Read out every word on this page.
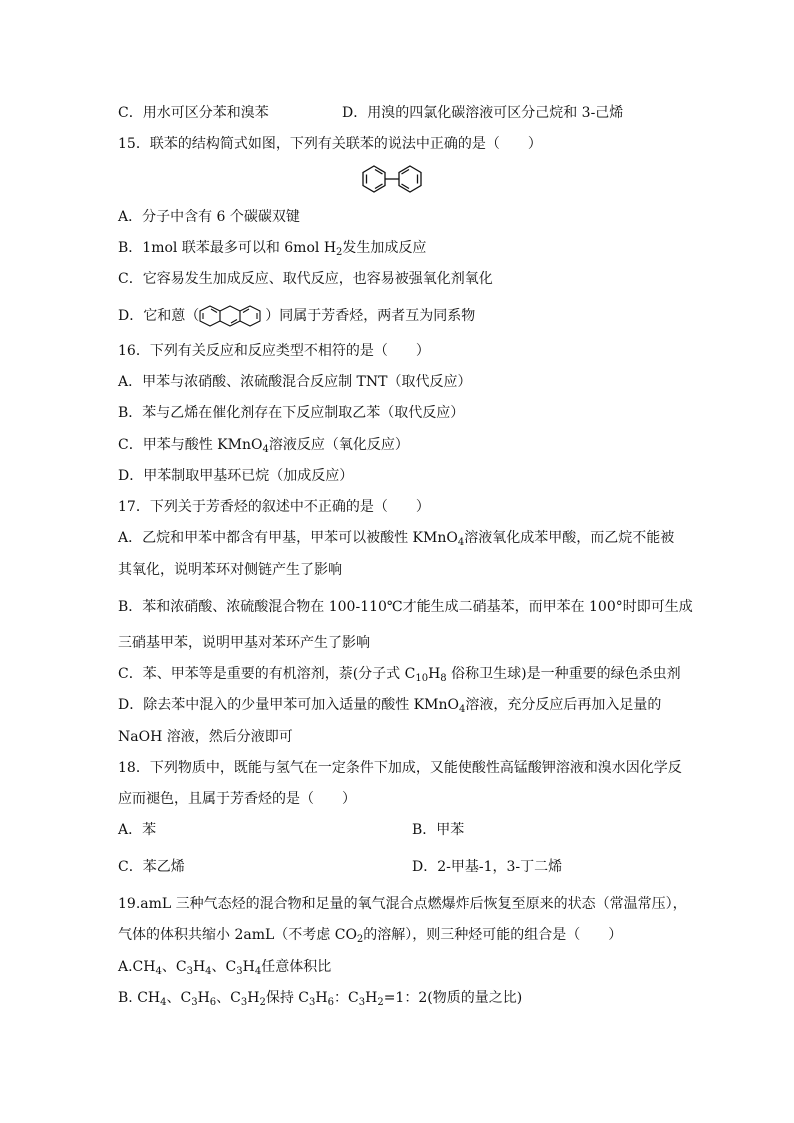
C．用水可区分苯和溴苯	D．用溴的四氯化碳溶液可区分己烷和 3-己烯
15．联苯的结构简式如图，下列有关联苯的说法中正确的是（　　）
A．分子中含有 6 个碳碳双键
B．1mol 联苯最多可以和 6mol $H_2$发生加成反应
C．它容易发生加成反应、取代反应，也容易被强氧化剂氧化
D．它和蒽（	）同属于芳香烃，两者互为同系物
16．下列有关反应和反应类型不相符的是（　　）
A．甲苯与浓硝酸、浓硫酸混合反应制 TNT（取代反应）
B．苯与乙烯在催化剂存在下反应制取乙苯（取代反应）
C．甲苯与酸性 KMnO$_4$溶液反应（氧化反应）
D．甲苯制取甲基环已烷（加成反应）
17．下列关于芳香烃的叙述中不正确的是（　　）
A．乙烷和甲苯中都含有甲基，甲苯可以被酸性 KMnO$_4$溶液氧化成苯甲酸，而乙烷不能被
其氧化，说明苯环对侧链产生了影响
B．苯和浓硝酸、浓硫酸混合物在 100-110℃才能生成二硝基苯，而甲苯在 100°时即可生成
三硝基甲苯，说明甲基对苯环产生了影响
C．苯、甲苯等是重要的有机溶剂，萘(分子式 $C_{10}H_8$ 俗称卫生球)是一种重要的绿色杀虫剂
D．除去苯中混入的少量甲苯可加入适量的酸性 KMnO$_4$溶液，充分反应后再加入足量的
NaOH 溶液，然后分液即可
18．下列物质中，既能与氢气在一定条件下加成，又能使酸性高锰酸钾溶液和溴水因化学反
应而褪色，且属于芳香烃的是（　　）
A．苯	B．甲苯
C．苯乙烯	D．2-甲基-1，3-丁二烯
19.amL 三种气态烃的混合物和足量的氧气混合点燃爆炸后恢复至原来的状态（常温常压），
气体的体积共缩小 2amL（不考虑 $CO_2$的溶解），则三种烃可能的组合是（　　）
$A.CH_4$、$C_3H_4$、$C_3H_4$任意体积比
B. $CH_4$、$C_3H_6$、$C_3H_2$保持 $C_3H_6$：$C_3H_2=1$：2(物质的量之比)
